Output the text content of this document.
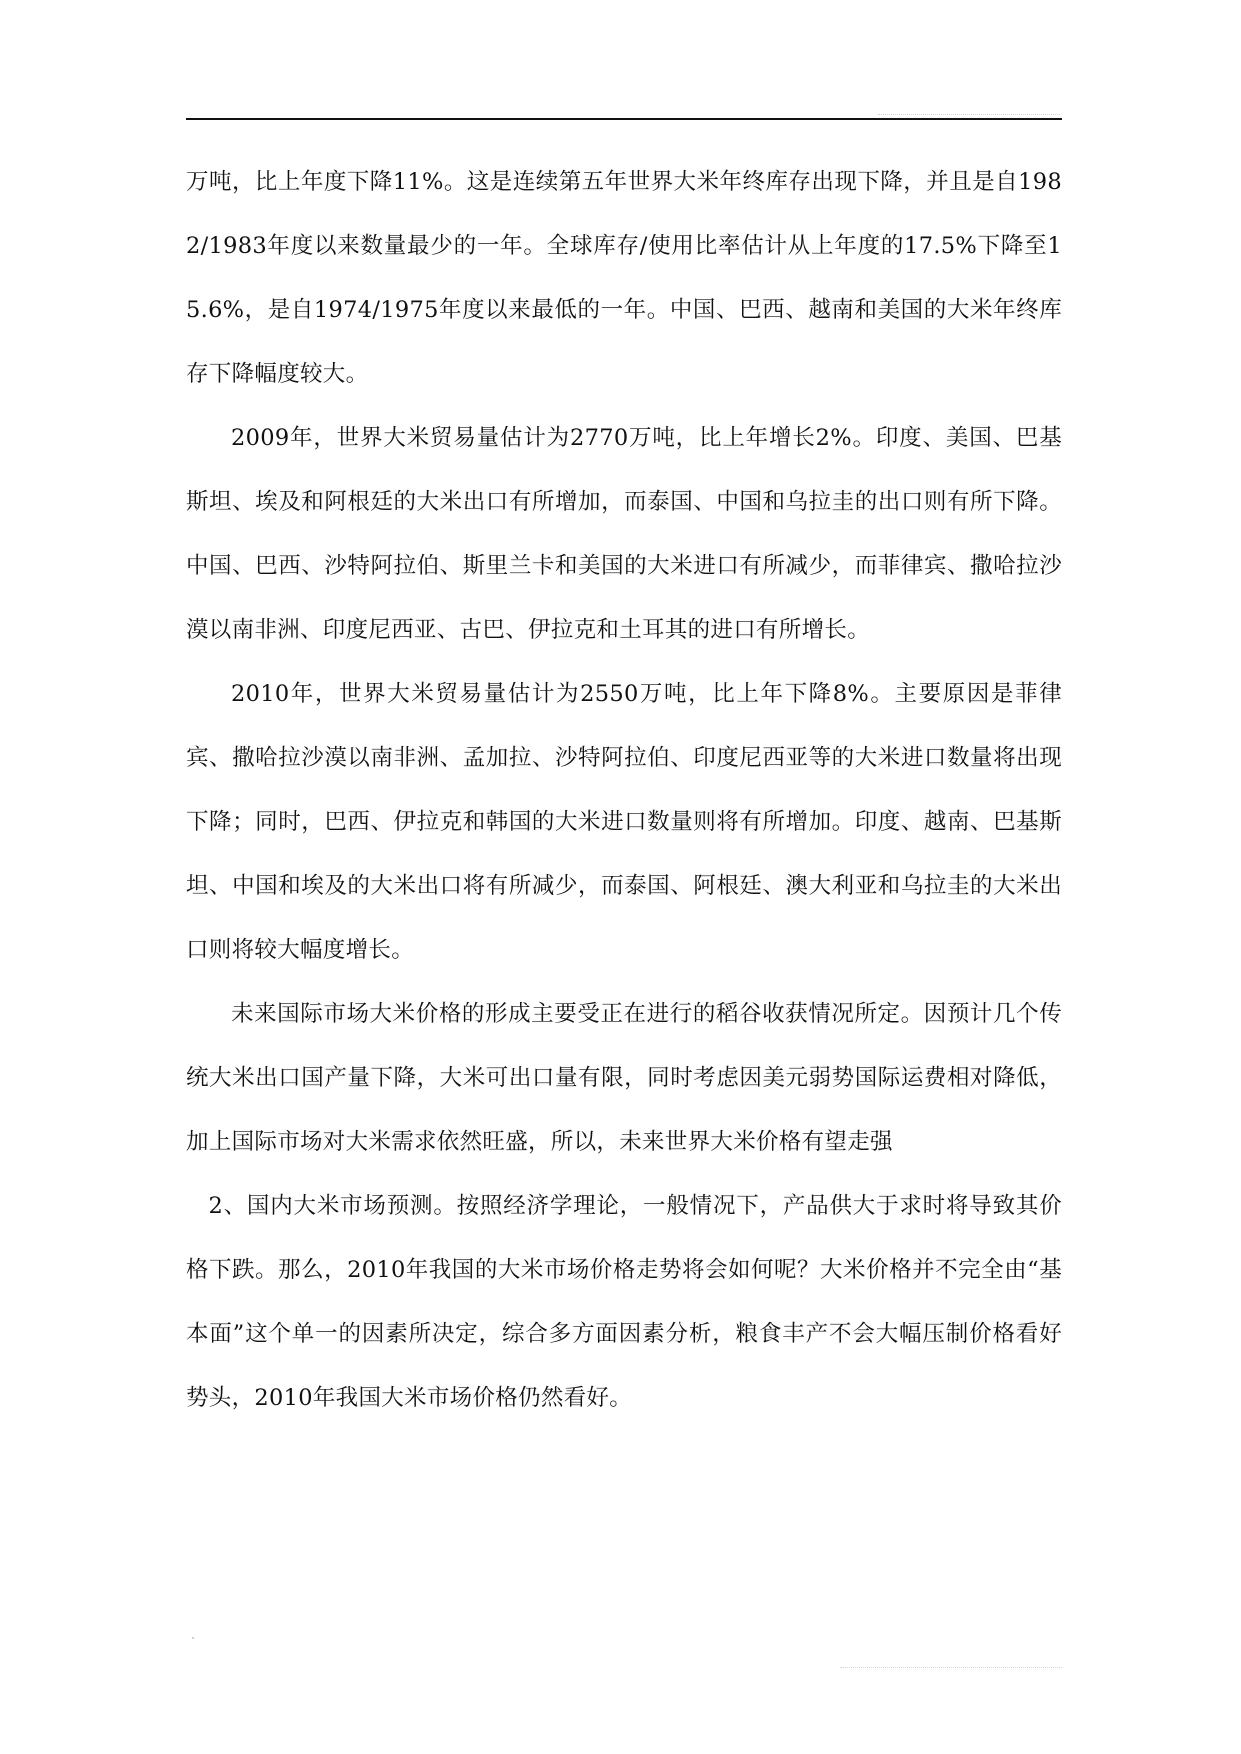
万吨，比上年度下降11%。这是连续第五年世界大米年终库存出现下降，并且是自1982/1983年度以来数量最少的一年。全球库存/使用比率估计从上年度的17.5%下降至15.6%，是自1974/1975年度以来最低的一年。中国、巴西、越南和美国的大米年终库存下降幅度较大。

2009年，世界大米贸易量估计为2770万吨，比上年增长2%。印度、美国、巴基斯坦、埃及和阿根廷的大米出口有所增加，而泰国、中国和乌拉圭的出口则有所下降。中国、巴西、沙特阿拉伯、斯里兰卡和美国的大米进口有所减少，而菲律宾、撒哈拉沙漠以南非洲、印度尼西亚、古巴、伊拉克和土耳其的进口有所增长。

2010年，世界大米贸易量估计为2550万吨，比上年下降8%。主要原因是菲律宾、撒哈拉沙漠以南非洲、孟加拉、沙特阿拉伯、印度尼西亚等的大米进口数量将出现下降；同时，巴西、伊拉克和韩国的大米进口数量则将有所增加。印度、越南、巴基斯坦、中国和埃及的大米出口将有所减少，而泰国、阿根廷、澳大利亚和乌拉圭的大米出口则将较大幅度增长。

未来国际市场大米价格的形成主要受正在进行的稻谷收获情况所定。因预计几个传统大米出口国产量下降，大米可出口量有限，同时考虑因美元弱势国际运费相对降低，加上国际市场对大米需求依然旺盛，所以，未来世界大米价格有望走强

2、国内大米市场预测。按照经济学理论，一般情况下，产品供大于求时将导致其价格下跌。那么，2010年我国的大米市场价格走势将会如何呢？大米价格并不完全由“基本面”这个单一的因素所决定，综合多方面因素分析，粮食丰产不会大幅压制价格看好势头，2010年我国大米市场价格仍然看好。
